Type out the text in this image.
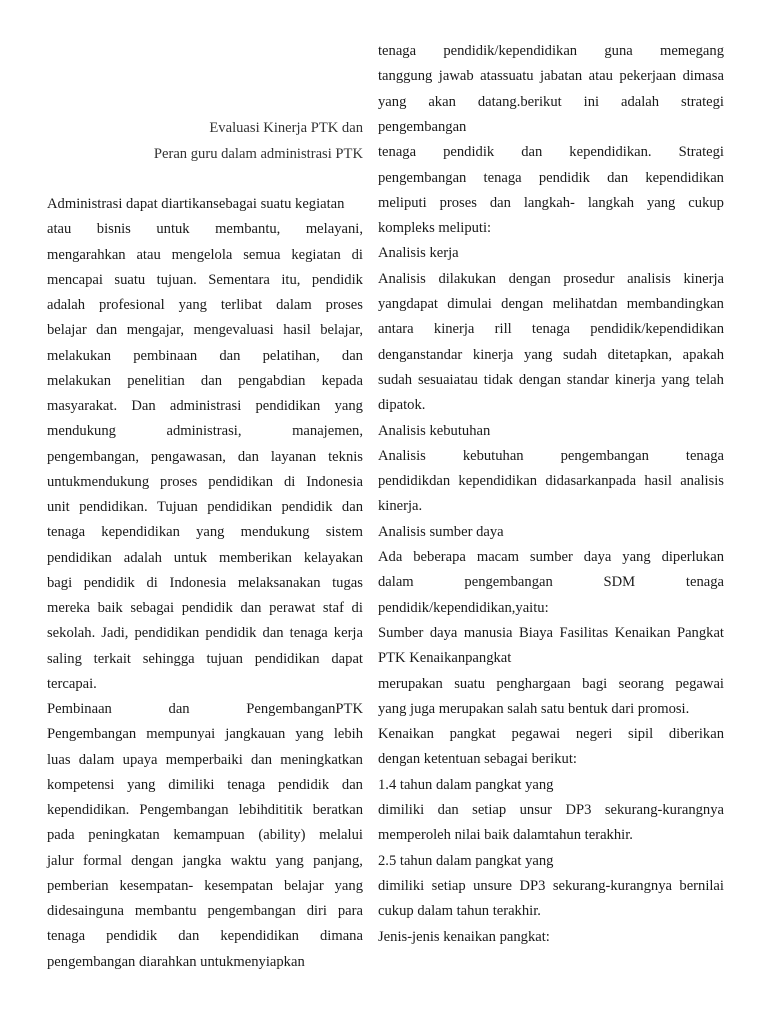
Evaluasi Kinerja PTK dan
Peran guru dalam administrasi PTK
Administrasi dapat diartikansebagai suatu kegiatan
atau bisnis untuk membantu, melayani,
mengarahkan atau mengelola semua kegiatan di
mencapai suatu tujuan. Sementara itu, pendidik
adalah profesional yang terlibat dalam proses
belajar dan mengajar, mengevaluasi hasil belajar,
melakukan pembinaan dan pelatihan, dan
melakukan penelitian dan pengabdian kepada
masyarakat. Dan administrasi pendidikan yang
mendukung	administrasi,	manajemen,
pengembangan, pengawasan, dan layanan teknis
untukmendukung proses pendidikan di Indonesia
unit pendidikan. Tujuan pendidikan pendidik dan
tenaga kependidikan yang mendukung sistem
pendidikan adalah untuk memberikan kelayakan
bagi pendidik di Indonesia melaksanakan tugas
mereka baik sebagai pendidik dan perawat staf di
sekolah. Jadi, pendidikan pendidik dan tenaga kerja
saling terkait sehingga tujuan pendidikan dapat
tercapai.
Pembinaan	dan	PengembanganPTK
Pengembangan mempunyai jangkauan yang lebih
luas dalam upaya memperbaiki dan meningkatkan
kompetensi yang dimiliki tenaga pendidik dan
kependidikan. Pengembangan lebihdititik beratkan
pada peningkatan kemampuan (ability) melalui
jalur formal dengan jangka waktu yang panjang,
pemberian kesempatan- kesempatan belajar yang
didesainguna membantu pengembangan diri para
tenaga pendidik dan kependidikan dimana
pengembangan diarahkan untukmenyiapkan
tenaga pendidik/kependidikan guna memegang
tanggung jawab atassuatu jabatan atau pekerjaan dimasa
yang akan datang.berikut ini adalah strategi
pengembangan
tenaga pendidik dan kependidikan. Strategi
pengembangan tenaga pendidik dan kependidikan
meliputi proses dan langkah- langkah yang cukup
kompleks meliputi:
Analisis kerja
Analisis dilakukan dengan prosedur analisis kinerja
yangdapat dimulai dengan melihatdan membandingkan
antara kinerja rill tenaga pendidik/kependidikan
denganstandar kinerja yang sudah ditetapkan, apakah
sudah sesuaiatau tidak dengan standar kinerja yang telah
dipatok.
Analisis kebutuhan
Analisis	kebutuhan	pengembangan	tenaga
pendidikdan kependidikan didasarkanpada hasil analisis
kinerja.
Analisis sumber daya
Ada beberapa macam sumber daya yang diperlukan
dalam	pengembangan	SDM	tenaga
pendidik/kependidikan,yaitu:
Sumber daya manusia Biaya Fasilitas Kenaikan Pangkat
PTK Kenaikanpangkat
merupakan suatu penghargaan bagi seorang pegawai
yang juga merupakan salah satu bentuk dari promosi.
Kenaikan pangkat pegawai negeri sipil diberikan
dengan ketentuan sebagai berikut:
1.4 tahun dalam pangkat yang
dimiliki dan setiap unsur DP3 sekurang-kurangnya
memperoleh nilai baik dalamtahun terakhir.
2.5 tahun dalam pangkat yang
dimiliki setiap unsure DP3 sekurang-kurangnya bernilai
cukup dalam tahun terakhir.
Jenis-jenis kenaikan pangkat:
